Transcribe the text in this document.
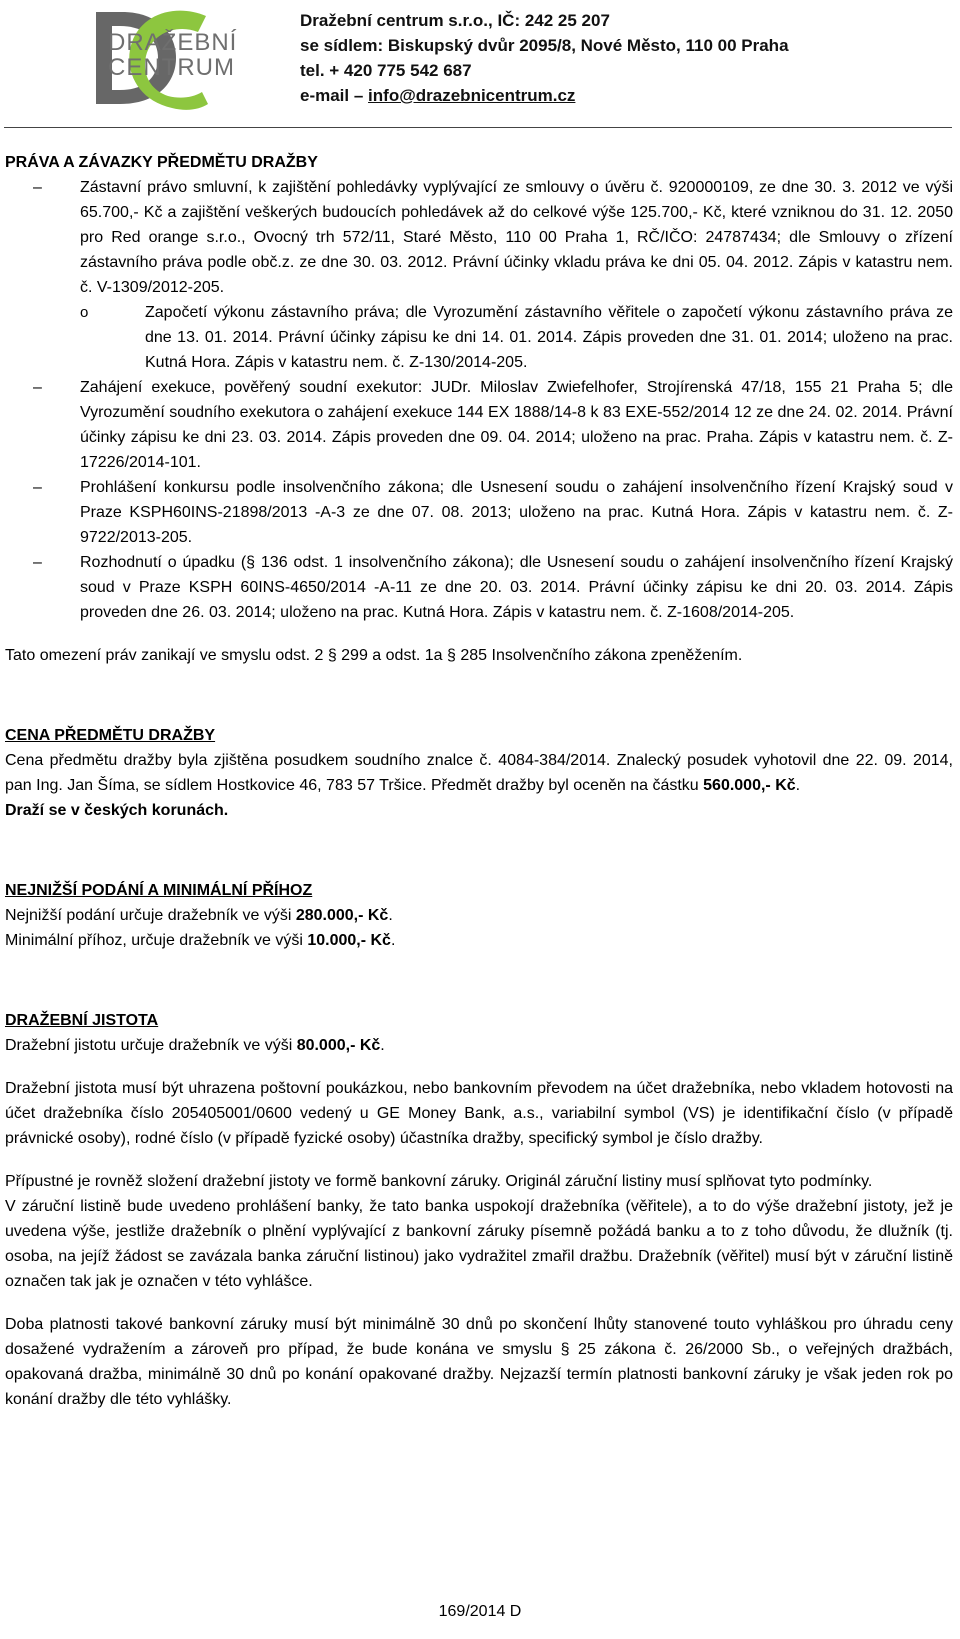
DRAŽEBNÍ
CENTRUM
Dražební centrum s.r.o., IČ: 242 25 207
se sídlem: Biskupský dvůr 2095/8, Nové Město, 110 00 Praha
tel. + 420 775 542 687
e-mail – info@drazebnicentrum.cz
PRÁVA A ZÁVAZKY PŘEDMĚTU DRAŽBY
– Zástavní právo smluvní, k zajištění pohledávky vyplývající ze smlouvy o úvěru č. 920000109, ze dne 30. 3. 2012 ve výši 65.700,- Kč a zajištění veškerých budoucích pohledávek až do celkové výše 125.700,- Kč, které vzniknou do 31. 12. 2050 pro Red orange s.r.o., Ovocný trh 572/11, Staré Město, 110 00 Praha 1, RČ/IČO: 24787434; dle Smlouvy o zřízení zástavního práva podle obč.z. ze dne 30. 03. 2012. Právní účinky vkladu práva ke dni 05. 04. 2012. Zápis v katastru nem. č. V-1309/2012-205.
o	Započetí výkonu zástavního práva; dle Vyrozumění zástavního věřitele o započetí výkonu zástavního práva ze dne 13. 01. 2014. Právní účinky zápisu ke dni 14. 01. 2014. Zápis proveden dne 31. 01. 2014; uloženo na prac. Kutná Hora. Zápis v katastru nem. č. Z-130/2014-205.
– Zahájení exekuce, pověřený soudní exekutor: JUDr. Miloslav Zwiefelhofer, Strojírenská 47/18, 155 21 Praha 5; dle Vyrozumění soudního exekutora o zahájení exekuce 144 EX 1888/14-8 k 83 EXE-552/2014 12 ze dne 24. 02. 2014. Právní účinky zápisu ke dni 23. 03. 2014. Zápis proveden dne 09. 04. 2014; uloženo na prac. Praha. Zápis v katastru nem. č. Z-17226/2014-101.
– Prohlášení konkursu podle insolvenčního zákona; dle Usnesení soudu o zahájení insolvenčního řízení Krajský soud v Praze KSPH60INS-21898/2013 -A-3 ze dne 07. 08. 2013; uloženo na prac. Kutná Hora. Zápis v katastru nem. č. Z-9722/2013-205.
– Rozhodnutí o úpadku (§ 136 odst. 1 insolvenčního zákona); dle Usnesení soudu o zahájení insolvenčního řízení Krajský soud v Praze KSPH 60INS-4650/2014 -A-11 ze dne 20. 03. 2014. Právní účinky zápisu ke dni 20. 03. 2014. Zápis proveden dne 26. 03. 2014; uloženo na prac. Kutná Hora. Zápis v katastru nem. č. Z-1608/2014-205.

Tato omezení práv zanikají ve smyslu odst. 2 § 299 a odst. 1a § 285 Insolvenčního zákona zpeněžením.

CENA PŘEDMĚTU DRAŽBY

Cena předmětu dražby byla zjištěna posudkem soudního znalce č. 4084-384/2014. Znalecký posudek vyhotovil dne 22. 09. 2014, pan Ing. Jan Šíma, se sídlem Hostkovice 46, 783 57 Tršice. Předmět dražby byl oceněn na částku 560.000,- Kč.

Draží se v českých korunách.
NEJNIŽŠÍ PODÁNÍ A MINIMÁLNÍ PŘÍHOZ
Nejnižší podání určuje dražebník ve výši 280.000,- Kč.
Minimální příhoz, určuje dražebník ve výši 10.000,- Kč.
DRAŽEBNÍ JISTOTA
Dražební jistotu určuje dražebník ve výši 80.000,- Kč.

Dražební jistota musí být uhrazena poštovní poukázkou, nebo bankovním převodem na účet dražebníka, nebo vkladem hotovosti na účet dražebníka číslo 205405001/0600 vedený u GE Money Bank, a.s., variabilní symbol (VS) je identifikační číslo (v případě právnické osoby), rodné číslo (v případě fyzické osoby) účastníka dražby, specifický symbol je číslo dražby.

Přípustné je rovněž složení dražební jistoty ve formě bankovní záruky. Originál záruční listiny musí splňovat tyto podmínky.

V záruční listině bude uvedeno prohlášení banky, že tato banka uspokojí dražebníka (věřitele), a to do výše dražební jistoty, jež je uvedena výše, jestliže dražebník o plnění vyplývající z bankovní záruky písemně požádá banku a to z toho důvodu, že dlužník (tj. osoba, na jejíž žádost se zavázala banka záruční listinou) jako vydražitel zmařil dražbu. Dražebník (věřitel) musí být v záruční listině označen tak jak je označen v této vyhlášce.

Doba platnosti takové bankovní záruky musí být minimálně 30 dnů po skončení lhůty stanovené touto vyhláškou pro úhradu ceny dosažené vydražením a zároveň pro případ, že bude konána ve smyslu § 25 zákona č. 26/2000 Sb., o veřejných dražbách, opakovaná dražba, minimálně 30 dnů po konání opakované dražby. Nejzazší termín platnosti bankovní záruky je však jeden rok po konání dražby dle této vyhlášky.

169/2014 D
